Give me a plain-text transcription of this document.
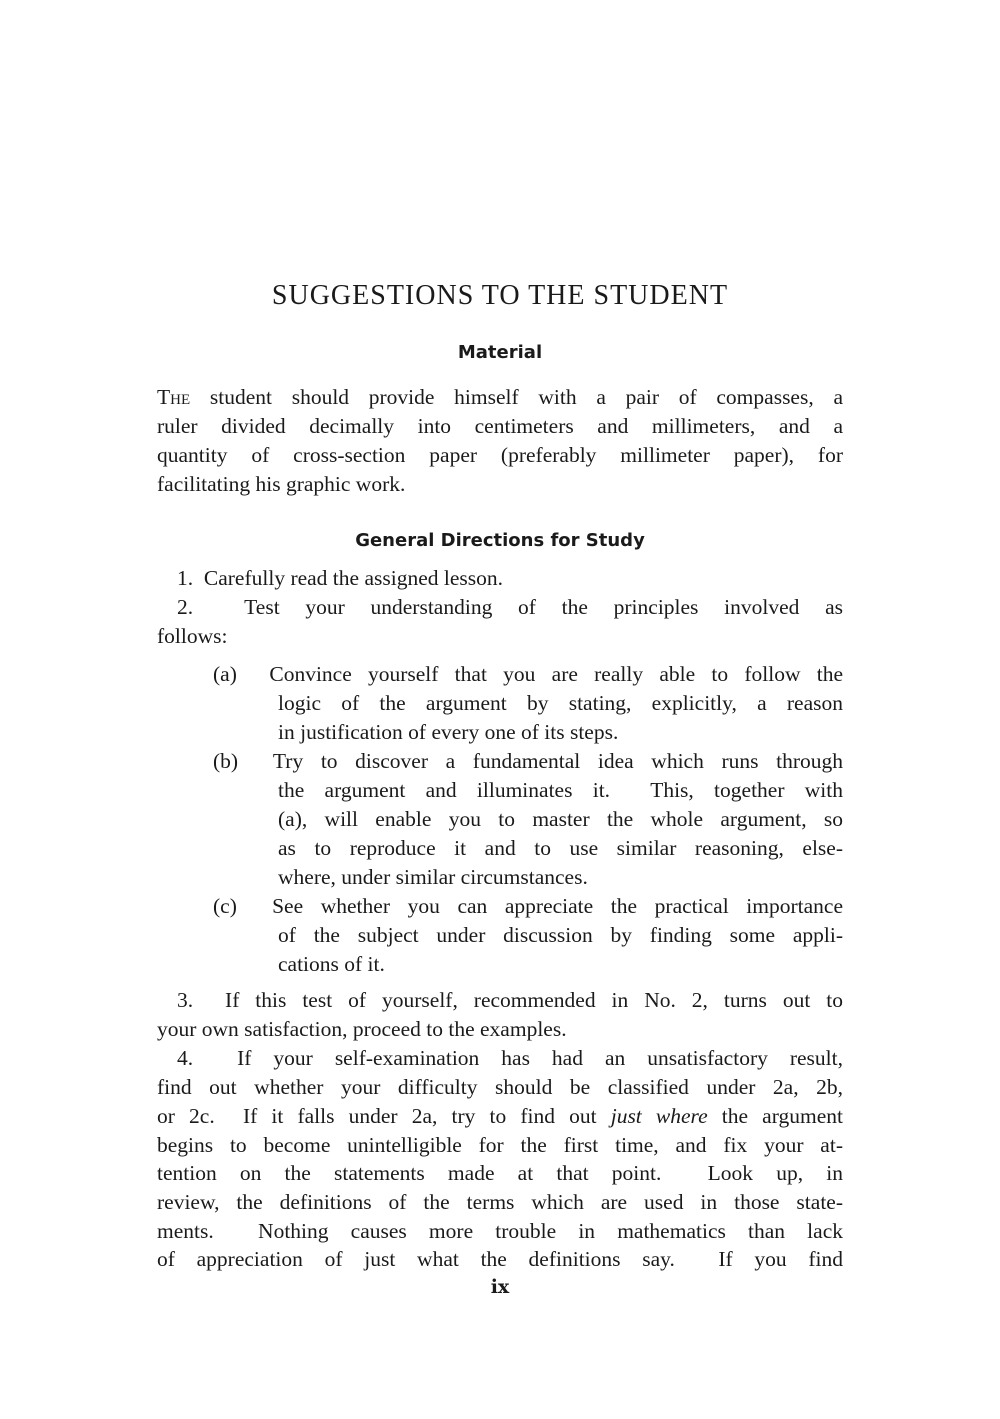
SUGGESTIONS TO THE STUDENT
Material
General Directions for Study
The student should provide himself with a pair of compasses, a
ruler divided decimally into centimeters and millimeters, and a
quantity of cross-section paper (preferably millimeter paper), for
facilitating his graphic work.
1.  Carefully read the assigned lesson.
2.  Test your understanding of the principles involved as
follows:
(a)  Convince yourself that you are really able to follow the
logic of the argument by stating, explicitly, a reason
in justification of every one of its steps.
(b)  Try to discover a fundamental idea which runs through
the argument and illuminates it.  This, together with
(a), will enable you to master the whole argument, so
as to reproduce it and to use similar reasoning, else-
where, under similar circumstances.
(c)  See whether you can appreciate the practical importance
of the subject under discussion by finding some appli-
cations of it.
3.  If this test of yourself, recommended in No. 2, turns out to
your own satisfaction, proceed to the examples.
4.  If your self-examination has had an unsatisfactory result,
find out whether your difficulty should be classified under 2a, 2b,
or 2c.  If it falls under 2a, try to find out just where the argument
begins to become unintelligible for the first time, and fix your at-
tention on the statements made at that point.  Look up, in
review, the definitions of the terms which are used in those state-
ments.  Nothing causes more trouble in mathematics than lack
of appreciation of just what the definitions say.  If you find
ix
